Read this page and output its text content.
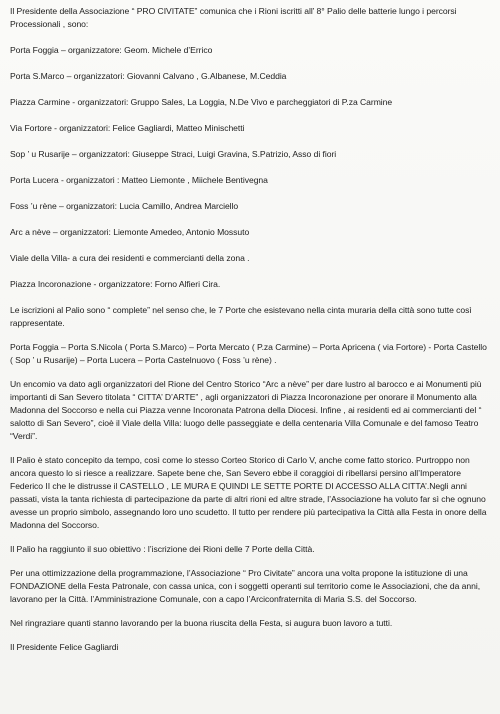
Il Presidente della Associazione “ PRO CIVITATE” comunica che i Rioni iscritti all’ 8° Palio delle batterie lungo i percorsi Processionali , sono:

Porta Foggia – organizzatore: Geom. Michele d’Errico

Porta S.Marco – organizzatori: Giovanni Calvano , G.Albanese, M.Ceddia

Piazza Carmine - organizzatori: Gruppo Sales, La Loggia, N.De Vivo e parcheggiatori di P.za Carmine

Via Fortore - organizzatori: Felice Gagliardi, Matteo Minischetti

Sop ’ u Rusarije – organizzatori: Giuseppe Straci, Luigi Gravina, S.Patrizio, Asso di fiori

Porta Lucera - organizzatori : Matteo Liemonte , Miichele Bentivegna

Foss ’u rène – organizzatori: Lucia Camillo, Andrea Marciello

Arc a nève – organizzatori: Liemonte Amedeo, Antonio Mossuto

Viale della Villa- a cura dei residenti e commercianti della zona .

Piazza Incoronazione - organizzatore: Forno Alfieri Cira.

Le iscrizioni al Palio sono “ complete” nel senso che, le 7 Porte che esistevano nella cinta muraria della città sono tutte così rappresentate.

Porta Foggia – Porta S.Nicola ( Porta S.Marco) – Porta Mercato ( P.za Carmine) – Porta Apricena ( via Fortore) - Porta Castello ( Sop ’ u Rusarije) – Porta Lucera – Porta Castelnuovo ( Foss ’u rène) .

Un encomio va dato agli organizzatori del Rione del Centro Storico “Arc a nève” per dare lustro al barocco e ai Monumenti più importanti di San Severo titolata “ CITTA’ D’ARTE” , agli organizzatori di Piazza Incoronazione per onorare il Monumento alla Madonna del Soccorso e nella cui Piazza venne Incoronata Patrona della Diocesi. Infine , ai residenti ed ai commercianti del “ salotto di San Severo”, cioè il Viale della Villa: luogo delle passeggiate e della centenaria Villa Comunale e del famoso Teatro “Verdi”.

Il Palio è stato concepito da tempo, così come lo stesso Corteo Storico di Carlo V, anche come fatto storico. Purtroppo non ancora questo lo si riesce a realizzare. Sapete bene che, San Severo ebbe il coraggioi di ribellarsi persino all’Imperatore Federico II che le distrusse il CASTELLO , LE MURA E QUINDI LE SETTE PORTE DI ACCESSO ALLA CITTA’.Negli anni passati, vista la tanta richiesta di partecipazione da parte di altri rioni ed altre strade, l’Associazione ha voluto far sì che ognuno avesse un proprio simbolo, assegnando loro uno scudetto. Il tutto per rendere più partecipativa la Città alla Festa in onore della Madonna del Soccorso.

Il Palio ha raggiunto il suo obiettivo : l’iscrizione dei Rioni delle 7 Porte della Città.

Per una ottimizzazione della programmazione, l’Associazione “ Pro Civitate” ancora una volta propone la istituzione di una FONDAZIONE della Festa Patronale, con cassa unica, con i soggetti operanti sul territorio come le Associazioni, che da anni, lavorano per la Città. l’Amministrazione Comunale, con a capo l’Arciconfraternita di Maria S.S. del Soccorso.

Nel ringraziare quanti stanno lavorando per la buona riuscita della Festa, si augura buon lavoro a tutti.

Il Presidente Felice Gagliardi
